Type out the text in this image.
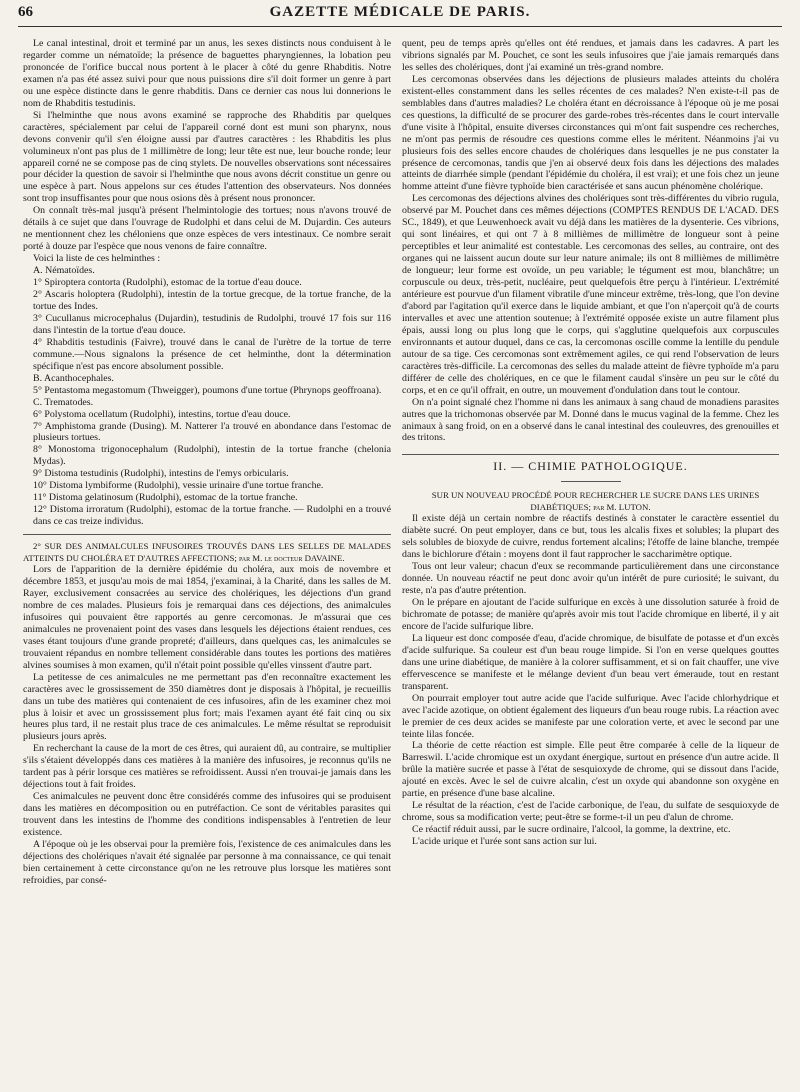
66	GAZETTE MÉDICALE DE PARIS.

Le canal intestinal, droit et terminé par un anus, les sexes distincts nous conduisent à le regarder comme un nématoïde; la présence de baguettes pharyngiennes, la lobation peu prononcée de l'orifice buccal nous portent à le placer à côté du genre Rhabditis. Notre examen n'a pas été assez suivi pour que nous puissions dire s'il doit former un genre à part ou une espèce distincte dans le genre rhabditis. Dans ce dernier cas nous lui donnerions le nom de Rhabditis testudinis.

Si l'helminthe que nous avons examiné se rapproche des Rhabditis par quelques caractères, spécialement par celui de l'appareil corné dont est muni son pharynx, nous devons convenir qu'il s'en éloigne aussi par d'autres caractères : les Rhabditis les plus volumineux n'ont pas plus de 1 millimètre de long; leur tête est nue, leur bouche ronde; leur appareil corné ne se compose pas de cinq stylets. De nouvelles observations sont nécessaires pour décider la question de savoir si l'helminthe que nous avons décrit constitue un genre ou une espèce à part. Nous appelons sur ces études l'attention des observateurs. Nos données sont trop insuffisantes pour que nous osions dès à présent nous prononcer.

On connaît très-mal jusqu'à présent l'helmintologie des tortues; nous n'avons trouvé de détails à ce sujet que dans l'ouvrage de Rudolphi et dans celui de M. Dujardin. Ces auteurs ne mentionnent chez les chéloniens que onze espèces de vers intestinaux. Ce nombre serait porté à douze par l'espèce que nous venons de faire connaître.

Voici la liste de ces helminthes :

A. Nématoïdes.

1° Spiroptera contorta (Rudolphi), estomac de la tortue d'eau douce.

2° Ascaris holoptera (Rudolphi), intestin de la tortue grecque, de la tortue franche, de la tortue des Indes.

3° Cucullanus microcephalus (Dujardin), testudinis de Rudolphi, trouvé 17 fois sur 116 dans l'intestin de la tortue d'eau douce.

4° Rhabditis testudinis (Faivre), trouvé dans le canal de l'urètre de la tortue de terre commune.—Nous signalons la présence de cet helminthe, dont la détermination spécifique n'est pas encore absolument possible.

B. Acanthocephales.

5° Pentastoma megastomum (Thweigger), poumons d'une tortue (Phrynops geoffroana).

C. Trematodes.

6° Polystoma ocellatum (Rudolphi), intestins, tortue d'eau douce.

7° Amphistoma grande (Dusing). M. Natterer l'a trouvé en abondance dans l'estomac de plusieurs tortues.

8° Monostoma trigonocephalum (Rudolphi), intestin de la tortue franche (chelonia Mydas).

9° Distoma testudinis (Rudolphi), intestins de l'emys orbicularis.

10° Distoma lymbiforme (Rudolphi), vessie urinaire d'une tortue franche.

11° Distoma gelatinosum (Rudolphi), estomac de la tortue franche.

12° Distoma irroratum (Rudolphi), estomac de la tortue franche. — Rudolphi en a trouvé dans ce cas treize individus.

2° SUR DES ANIMALCULES INFUSOIRES TROUVÉS DANS LES SELLES DE MALADES ATTEINTS DU CHOLÉRA ET D'AUTRES AFFECTIONS; par M. le docteur DAVAINE.

Lors de l'apparition de la dernière épidémie du choléra, aux mois de novembre et décembre 1853, et jusqu'au mois de mai 1854, j'examinai, à la Charité, dans les salles de M. Rayer, exclusivement consacrées au service des cholériques, les déjections d'un grand nombre de ces malades. Plusieurs fois je remarquai dans ces déjections, des animalcules infusoires qui pouvaient être rapportés au genre cercomonas. Je m'assurai que ces animalcules ne provenaient point des vases dans lesquels les déjections étaient rendues, ces vases étant toujours d'une grande propreté; d'ailleurs, dans quelques cas, les animalcules se trouvaient répandus en nombre tellement considérable dans toutes les portions des matières alvines soumises à mon examen, qu'il n'était point possible qu'elles vinssent d'autre part.

La petitesse de ces animalcules ne me permettant pas d'en reconnaître exactement les caractères avec le grossissement de 350 diamètres dont je disposais à l'hôpital, je recueillis dans un tube des matières qui contenaient de ces infusoires, afin de les examiner chez moi plus à loisir et avec un grossissement plus fort; mais l'examen ayant été fait cinq ou six heures plus tard, il ne restait plus trace de ces animalcules. Le même résultat se reproduisit plusieurs jours après.

En recherchant la cause de la mort de ces êtres, qui auraient dû, au contraire, se multiplier s'ils s'étaient développés dans ces matières à la manière des infusoires, je reconnus qu'ils ne tardent pas à périr lorsque ces matières se refroidissent. Aussi n'en trouvai-je jamais dans les déjections tout à fait froides.

Ces animalcules ne peuvent donc être considérés comme des infusoires qui se produisent dans les matières en décomposition ou en putréfaction. Ce sont de véritables parasites qui trouvent dans les intestins de l'homme des conditions indispensables à l'entretien de leur existence.

A l'époque où je les observai pour la première fois, l'existence de ces animalcules dans les déjections des cholériques n'avait été signalée par personne à ma connaissance, ce qui tenait bien certainement à cette circonstance qu'on ne les retrouve plus lorsque les matières sont refroidies, par consé-

quent, peu de temps après qu'elles ont été rendues, et jamais dans les cadavres. A part les vibrions signalés par M. Pouchet, ce sont les seuls infusoires que j'aie jamais remarqués dans les selles des cholériques, dont j'ai examiné un très-grand nombre.

Les cercomonas observées dans les déjections de plusieurs malades atteints du choléra existent-elles constamment dans les selles récentes de ces malades? N'en existe-t-il pas de semblables dans d'autres maladies? Le choléra étant en décroissance à l'époque où je me posai ces questions, la difficulté de se procurer des garde-robes très-récentes dans le court intervalle d'une visite à l'hôpital, ensuite diverses circonstances qui m'ont fait suspendre ces recherches, ne m'ont pas permis de résoudre ces questions comme elles le méritent. Néanmoins j'ai vu plusieurs fois des selles encore chaudes de cholériques dans lesquelles je ne pus constater la présence de cercomonas, tandis que j'en ai observé deux fois dans les déjections des malades atteints de diarrhée simple (pendant l'épidémie du choléra, il est vrai); et une fois chez un jeune homme atteint d'une fièvre typhoïde bien caractérisée et sans aucun phénomène cholérique.

Les cercomonas des déjections alvines des cholériques sont très-différentes du vibrio rugula, observé par M. Pouchet dans ces mêmes déjections (COMPTES RENDUS DE L'ACAD. DES SC., 1849), et que Leuwenhoeck avait vu déjà dans les matières de la dysenterie. Ces vibrions, qui sont linéaires, et qui ont 7 à 8 millièmes de millimètre de longueur sont à peine perceptibles et leur animalité est contestable. Les cercomonas des selles, au contraire, ont des organes qui ne laissent aucun doute sur leur nature animale; ils ont 8 millièmes de millimètre de longueur; leur forme est ovoïde, un peu variable; le tégument est mou, blanchâtre; un corpuscule ou deux, très-petit, nucléaire, peut quelquefois être perçu à l'intérieur. L'extrémité antérieure est pourvue d'un filament vibratile d'une minceur extrême, très-long, que l'on devine d'abord par l'agitation qu'il exerce dans le liquide ambiant, et que l'on n'aperçoit qu'à de courts intervalles et avec une attention soutenue; à l'extrémité opposée existe un autre filament plus épais, aussi long ou plus long que le corps, qui s'agglutine quelquefois aux corpuscules environnants et autour duquel, dans ce cas, la cercomonas oscille comme la lentille du pendule autour de sa tige. Ces cercomonas sont extrêmement agiles, ce qui rend l'observation de leurs caractères très-difficile. La cercomonas des selles du malade atteint de fièvre typhoïde m'a paru différer de celle des cholériques, en ce que le filament caudal s'insère un peu sur le côté du corps, et en ce qu'il offrait, en outre, un mouvement d'ondulation dans tout le contour.

On n'a point signalé chez l'homme ni dans les animaux à sang chaud de monadiens parasites autres que la trichomonas observée par M. Donné dans le mucus vaginal de la femme. Chez les animaux à sang froid, on en a observé dans le canal intestinal des couleuvres, des grenouilles et des tritons.

II. — CHIMIE PATHOLOGIQUE.

SUR UN NOUVEAU PROCÉDÉ POUR RECHERCHER LE SUCRE DANS LES URINES DIABÉTIQUES; par M. LUTON.

Il existe déjà un certain nombre de réactifs destinés à constater le caractère essentiel du diabète sucré. On peut employer, dans ce but, tous les alcalis fixes et solubles; la plupart des sels solubles de bioxyde de cuivre, rendus fortement alcalins; l'étoffe de laine blanche, trempée dans le bichlorure d'étain : moyens dont il faut rapprocher le saccharimètre optique.

Tous ont leur valeur; chacun d'eux se recommande particulièrement dans une circonstance donnée. Un nouveau réactif ne peut donc avoir qu'un intérêt de pure curiosité; le suivant, du reste, n'a pas d'autre prétention.

On le prépare en ajoutant de l'acide sulfurique en excès à une dissolution saturée à froid de bichromate de potasse; de manière qu'après avoir mis tout l'acide chromique en liberté, il y ait encore de l'acide sulfurique libre.

La liqueur est donc composée d'eau, d'acide chromique, de bisulfate de potasse et d'un excès d'acide sulfurique. Sa couleur est d'un beau rouge limpide. Si l'on en verse quelques gouttes dans une urine diabétique, de manière à la colorer suffisamment, et si on fait chauffer, une vive effervescence se manifeste et le mélange devient d'un beau vert émeraude, tout en restant transparent.

On pourrait employer tout autre acide que l'acide sulfurique. Avec l'acide chlorhydrique et avec l'acide azotique, on obtient également des liqueurs d'un beau rouge rubis. La réaction avec le premier de ces deux acides se manifeste par une coloration verte, et avec le second par une teinte lilas foncée.

La théorie de cette réaction est simple. Elle peut être comparée à celle de la liqueur de Barreswil. L'acide chromique est un oxydant énergique, surtout en présence d'un autre acide. Il brûle la matière sucrée et passe à l'état de sesquioxyde de chrome, qui se dissout dans l'acide, ajouté en excès. Avec le sel de cuivre alcalin, c'est un oxyde qui abandonne son oxygène en partie, en présence d'une base alcaline.

Le résultat de la réaction, c'est de l'acide carbonique, de l'eau, du sulfate de sesquioxyde de chrome, sous sa modification verte; peut-être se forme-t-il un peu d'alun de chrome.

Ce réactif réduit aussi, par le sucre ordinaire, l'alcool, la gomme, la dextrine, etc.

L'acide urique et l'urée sont sans action sur lui.
